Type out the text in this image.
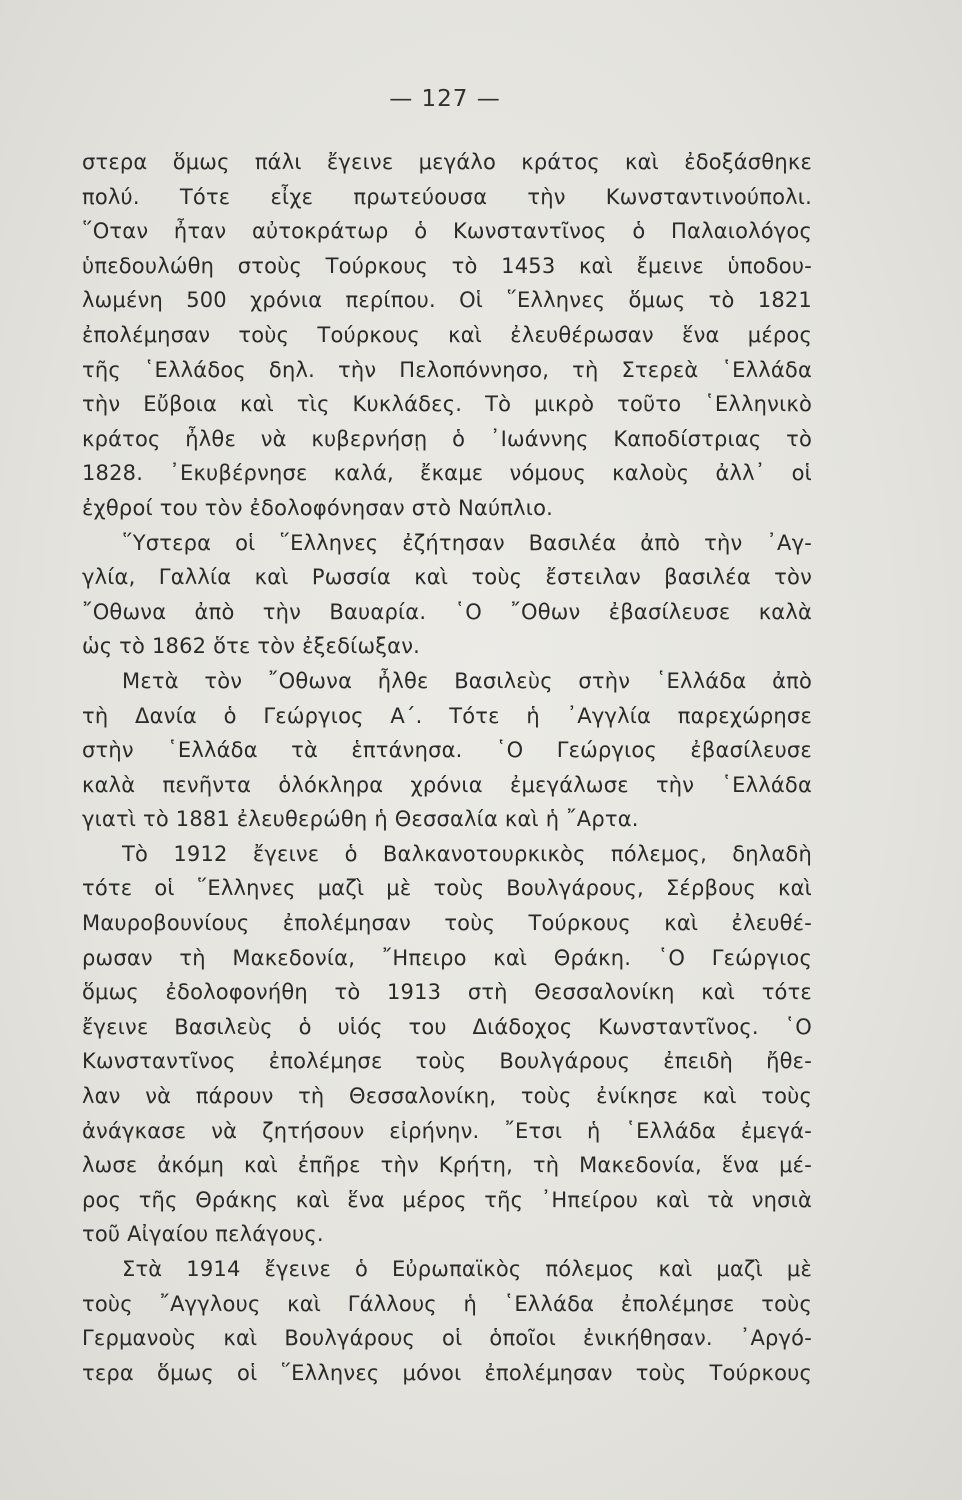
— 127 —
στερα ὅμως πάλι ἔγεινε μεγάλο κράτος καὶ ἐδοξάσθηκε
πολύ. Τότε εἶχε πρωτεύουσα τὴν Κωνσταντινούπολι.
῞Οταν ἦταν αὐτοκράτωρ ὁ Κωνσταντῖνος ὁ Παλαιολόγος
ὑπεδουλώθη στοὺς Τούρκους τὸ 1453 καὶ ἔμεινε ὑποδου-
λωμένη 500 χρόνια περίπου. Οἱ ῞Ελληνες ὅμως τὸ 1821
ἐπολέμησαν τοὺς Τούρκους καὶ ἐλευθέρωσαν ἕνα μέρος
τῆς ῾Ελλάδος δηλ. τὴν Πελοπόννησο, τὴ Στερεὰ ῾Ελλάδα
τὴν Εὔβοια καὶ τὶς Κυκλάδες. Τὸ μικρὸ τοῦτο ῾Ελληνικὸ
κράτος ἦλθε νὰ κυβερνήσῃ ὁ ᾿Ιωάννης Καποδίστριας τὸ
1828. ᾿Εκυβέρνησε καλά, ἔκαμε νόμους καλοὺς ἀλλ᾿ οἱ
ἐχθροί του τὸν ἐδολοφόνησαν στὸ Ναύπλιο.
῞Υστερα οἱ ῞Ελληνες ἐζήτησαν Βασιλέα ἀπὸ τὴν ᾿Αγ-
γλία, Γαλλία καὶ Ρωσσία καὶ τοὺς ἔστειλαν βασιλέα τὸν
῎Οθωνα ἀπὸ τὴν Βαυαρία. ῾Ο ῎Οθων ἐβασίλευσε καλὰ
ὡς τὸ 1862 ὅτε τὸν ἐξεδίωξαν.
Μετὰ τὸν ῎Οθωνα ἦλθε Βασιλεὺς στὴν ῾Ελλάδα ἀπὸ
τὴ Δανία ὁ Γεώργιος Α΄. Τότε ἡ ᾿Αγγλία παρεχώρησε
στὴν ῾Ελλάδα τὰ ἑπτάνησα. ῾Ο Γεώργιος ἐβασίλευσε
καλὰ πενῆντα ὁλόκληρα χρόνια ἐμεγάλωσε τὴν ῾Ελλάδα
γιατὶ τὸ 1881 ἐλευθερώθη ἡ Θεσσαλία καὶ ἡ ῎Αρτα.
Τὸ 1912 ἔγεινε ὁ Βαλκανοτουρκικὸς πόλεμος, δηλαδὴ
τότε οἱ ῞Ελληνες μαζὶ μὲ τοὺς Βουλγάρους, Σέρβους καὶ
Μαυροβουνίους ἐπολέμησαν τοὺς Τούρκους καὶ ἐλευθέ-
ρωσαν τὴ Μακεδονία, ῎Ηπειρο καὶ Θράκη. ῾Ο Γεώργιος
ὅμως ἐδολοφονήθη τὸ 1913 στὴ Θεσσαλονίκη καὶ τότε
ἔγεινε Βασιλεὺς ὁ υἱός του Διάδοχος Κωνσταντῖνος. ῾Ο
Κωνσταντῖνος ἐπολέμησε τοὺς Βουλγάρους ἐπειδὴ ἤθε-
λαν νὰ πάρουν τὴ Θεσσαλονίκη, τοὺς ἐνίκησε καὶ τοὺς
ἀνάγκασε νὰ ζητήσουν εἰρήνην. ῎Ετσι ἡ ῾Ελλάδα ἐμεγά-
λωσε ἀκόμη καὶ ἐπῆρε τὴν Κρήτη, τὴ Μακεδονία, ἕνα μέ-
ρος τῆς Θράκης καὶ ἕνα μέρος τῆς ᾿Ηπείρου καὶ τὰ νησιὰ
τοῦ Αἰγαίου πελάγους.
Στὰ 1914 ἔγεινε ὁ Εὐρωπαϊκὸς πόλεμος καὶ μαζὶ μὲ
τοὺς ῎Αγγλους καὶ Γάλλους ἡ ῾Ελλάδα ἐπολέμησε τοὺς
Γερμανοὺς καὶ Βουλγάρους οἱ ὁποῖοι ἐνικήθησαν. ᾿Αργό-
τερα ὅμως οἱ ῞Ελληνες μόνοι ἐπολέμησαν τοὺς Τούρκους
